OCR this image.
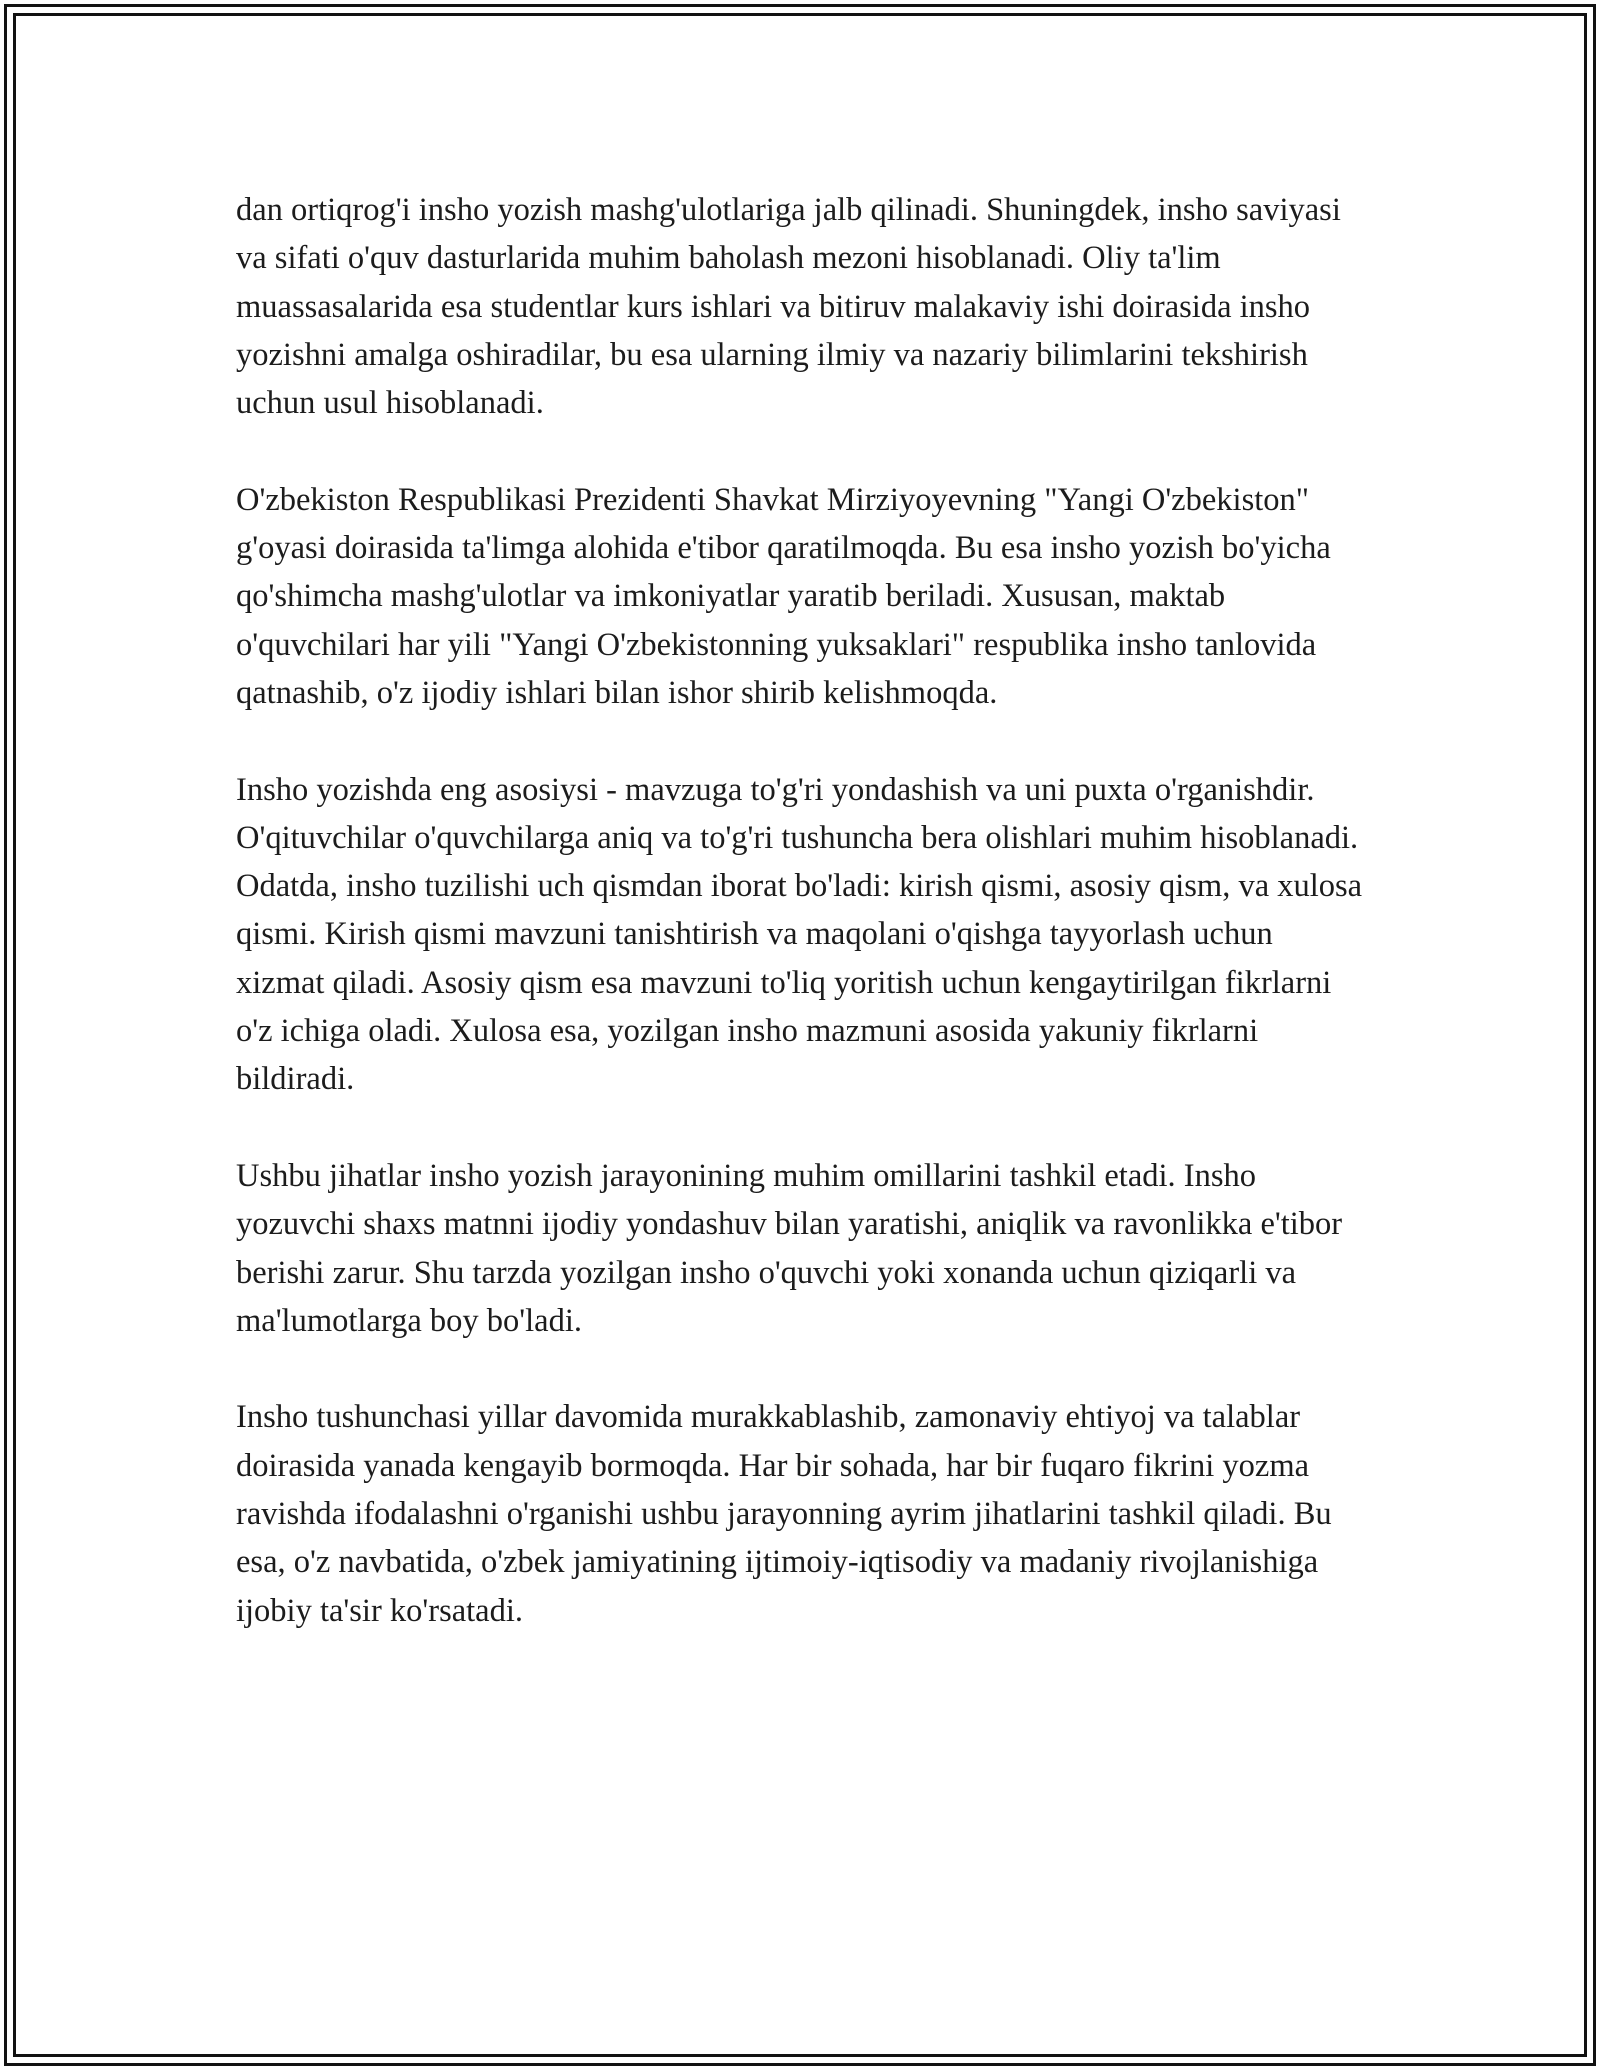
dan ortiqrog'i insho yozish mashg'ulotlariga jalb qilinadi. Shuningdek, insho saviyasi va sifati o'quv dasturlarida muhim baholash mezoni hisoblanadi. Oliy ta'lim muassasalarida esa studentlar kurs ishlari va bitiruv malakaviy ishi doirasida insho yozishni amalga oshiradilar, bu esa ularning ilmiy va nazariy bilimlarini tekshirish uchun usul hisoblanadi.

O'zbekiston Respublikasi Prezidenti Shavkat Mirziyoyevning "Yangi O'zbekiston" g'oyasi doirasida ta'limga alohida e'tibor qaratilmoqda. Bu esa insho yozish bo'yicha qo'shimcha mashg'ulotlar va imkoniyatlar yaratib beriladi. Xususan, maktab o'quvchilari har yili "Yangi O'zbekistonning yuksaklari" respublika insho tanlovida qatnashib, o'z ijodiy ishlari bilan ishor shirib kelishmoqda.

Insho yozishda eng asosiysi - mavzuga to'g'ri yondashish va uni puxta o'rganishdir. O'qituvchilar o'quvchilarga aniq va to'g'ri tushuncha bera olishlari muhim hisoblanadi. Odatda, insho tuzilishi uch qismdan iborat bo'ladi: kirish qismi, asosiy qism, va xulosa qismi. Kirish qismi mavzuni tanishtirish va maqolani o'qishga tayyorlash uchun xizmat qiladi. Asosiy qism esa mavzuni to'liq yoritish uchun kengaytirilgan fikrlarni o'z ichiga oladi. Xulosa esa, yozilgan insho mazmuni asosida yakuniy fikrlarni bildiradi.

Ushbu jihatlar insho yozish jarayonining muhim omillarini tashkil etadi. Insho yozuvchi shaxs matnni ijodiy yondashuv bilan yaratishi, aniqlik va ravonlikka e'tibor berishi zarur. Shu tarzda yozilgan insho o'quvchi yoki xonanda uchun qiziqarli va ma'lumotlarga boy bo'ladi.

Insho tushunchasi yillar davomida murakkablashib, zamonaviy ehtiyoj va talablar doirasida yanada kengayib bormoqda. Har bir sohada, har bir fuqaro fikrini yozma ravishda ifodalashni o'rganishi ushbu jarayonning ayrim jihatlarini tashkil qiladi. Bu esa, o'z navbatida, o'zbek jamiyatining ijtimoiy-iqtisodiy va madaniy rivojlanishiga ijobiy ta'sir ko'rsatadi.
